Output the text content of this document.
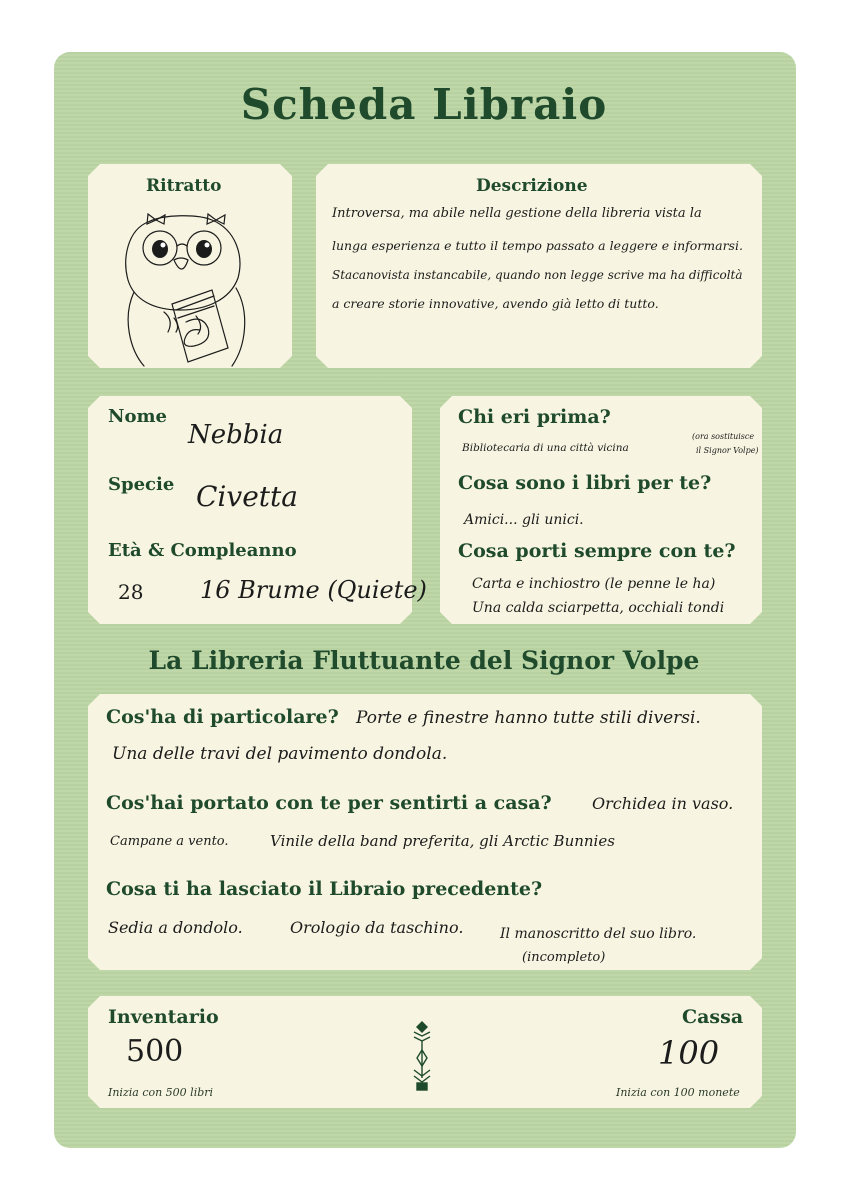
Scheda Libraio
Ritratto	Descrizione
Introversa, ma abile nella gestione della libreria vista la
lunga esperienza e tutto il tempo passato a leggere e informarsi.
Stacanovista instancabile, quando non legge scrive ma ha difficoltà
a creare storie innovative, avendo già letto di tutto.
Nome
Nebbia
Specie Civetta
Età & Compleanno
28 16 Brume (Quiete)
Chi eri prima?
Bibliotecaria di una città vicina
(ora sostituisce
il Signor Volpe)
Cosa sono i libri per te?
Amici... gli unici.
Cosa porti sempre con te?
Carta e inchiostro (le penne le ha)
Una calda sciarpetta, occhiali tondi
La Libreria Fluttuante del Signor Volpe
Cos'ha di particolare? Porte e finestre hanno tutte stili diversi.
Una delle travi del pavimento dondola.
Cos'hai portato con te per sentirti a casa?	Orchidea in vaso.
Campane a vento.	Vinile della band preferita, gli Arctic Bunnies
Cosa ti ha lasciato il Libraio precedente?
Sedia a dondolo.	Orologio da taschino.	Il manoscritto del suo libro.
(incompleto)
Inventario
500
Inizia con 500 libri
Cassa
100
Inizia con 100 monete
